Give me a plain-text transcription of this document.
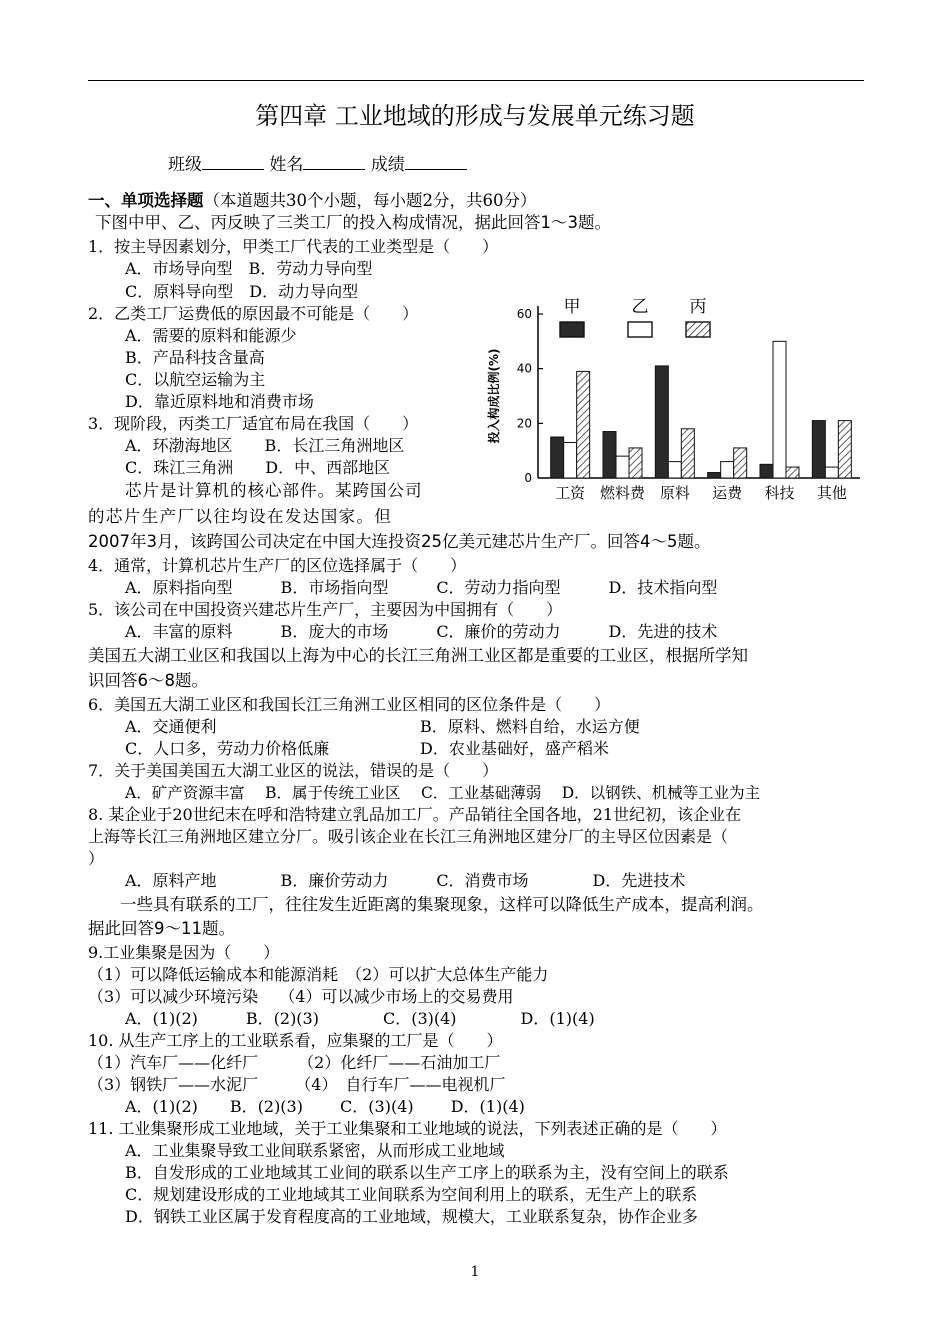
第四章 工业地域的形成与发展单元练习题
班级	姓名	成绩
一、单项选择题（本道题共30个小题，每小题2分，共60分）
下图中甲、乙、丙反映了三类工厂的投入构成情况，据此回答1～3题。
1．按主导因素划分，甲类工厂代表的工业类型是（　　）
A．市场导向型　B．劳动力导向型
C．原料导向型　D．动力导向型
2．乙类工厂运费低的原因最不可能是（　　）
A．需要的原料和能源少
B．产品科技含量高
C．以航空运输为主
D．靠近原料地和消费市场
3．现阶段，丙类工厂适宜布局在我国（　　）
A．环渤海地区　　B．长江三角洲地区
C．珠江三角洲　　D．中、西部地区
芯片是计算机的核心部件。某跨国公司
的芯片生产厂以往均设在发达国家。但
2007年3月，该跨国公司决定在中国大连投资25亿美元建芯片生产厂。回答4～5题。
4．通常，计算机芯片生产厂的区位选择属于（　　）
A．原料指向型　　　B．市场指向型　　　C．劳动力指向型　　　D．技术指向型
5．该公司在中国投资兴建芯片生产厂，主要因为中国拥有（　　）
A．丰富的原料　　　B．庞大的市场　　　C．廉价的劳动力　　　D．先进的技术
美国五大湖工业区和我国以上海为中心的长江三角洲工业区都是重要的工业区，根据所学知
识回答6～8题。
6．美国五大湖工业区和我国长江三角洲工业区相同的区位条件是（　　）
A．交通便利	B．原料、燃料自给，水运方便
C．人口多，劳动力价格低廉	D．农业基础好，盛产稻米
7．关于美国美国五大湖工业区的说法，错误的是（　　）
A．矿产资源丰富　 B．属于传统工业区　 C．工业基础薄弱　 D．以钢铁、机械等工业为主
8. 某企业于20世纪末在呼和浩特建立乳品加工厂。产品销往全国各地，21世纪初，该企业在
上海等长江三角洲地区建立分厂。吸引该企业在长江三角洲地区建分厂的主导区位因素是（
）
A．原料产地　　　　B．廉价劳动力　　　C．消费市场　　　　D．先进技术
一些具有联系的工厂，往往发生近距离的集聚现象，这样可以降低生产成本，提高利润。
据此回答9～11题。
9.工业集聚是因为（　　）
（1）可以降低运输成本和能源消耗　（2）可以扩大总体生产能力
（3）可以减少环境污染　 （4）可以减少市场上的交易费用
A．(1)(2)　　　B．(2)(3)　　　　C．(3)(4)　　　　D．(1)(4)
10. 从生产工序上的工业联系看，应集聚的工厂是（　　）
（1）汽车厂——化纤厂　　　（2）化纤厂——石油加工厂
（3）钢铁厂——水泥厂　　 （4）　自行车厂——电视机厂
A．(1)(2)　　B．(2)(3)　　 C．(3)(4)　　 D．(1)(4)
11. 工业集聚形成工业地域，关于工业集聚和工业地域的说法，下列表述正确的是（　　）
A．工业集聚导致工业间联系紧密，从而形成工业地域
B．自发形成的工业地域其工业间的联系以生产工序上的联系为主，没有空间上的联系
C．规划建设形成的工业地域其工业间联系为空间利用上的联系，无生产上的联系
D．钢铁工业区属于发育程度高的工业地域，规模大，工业联系复杂，协作企业多
0
20
40
60
投入构成比例(%)
工资 燃料费 原料 运费 科技 其他
甲	乙 丙
1
